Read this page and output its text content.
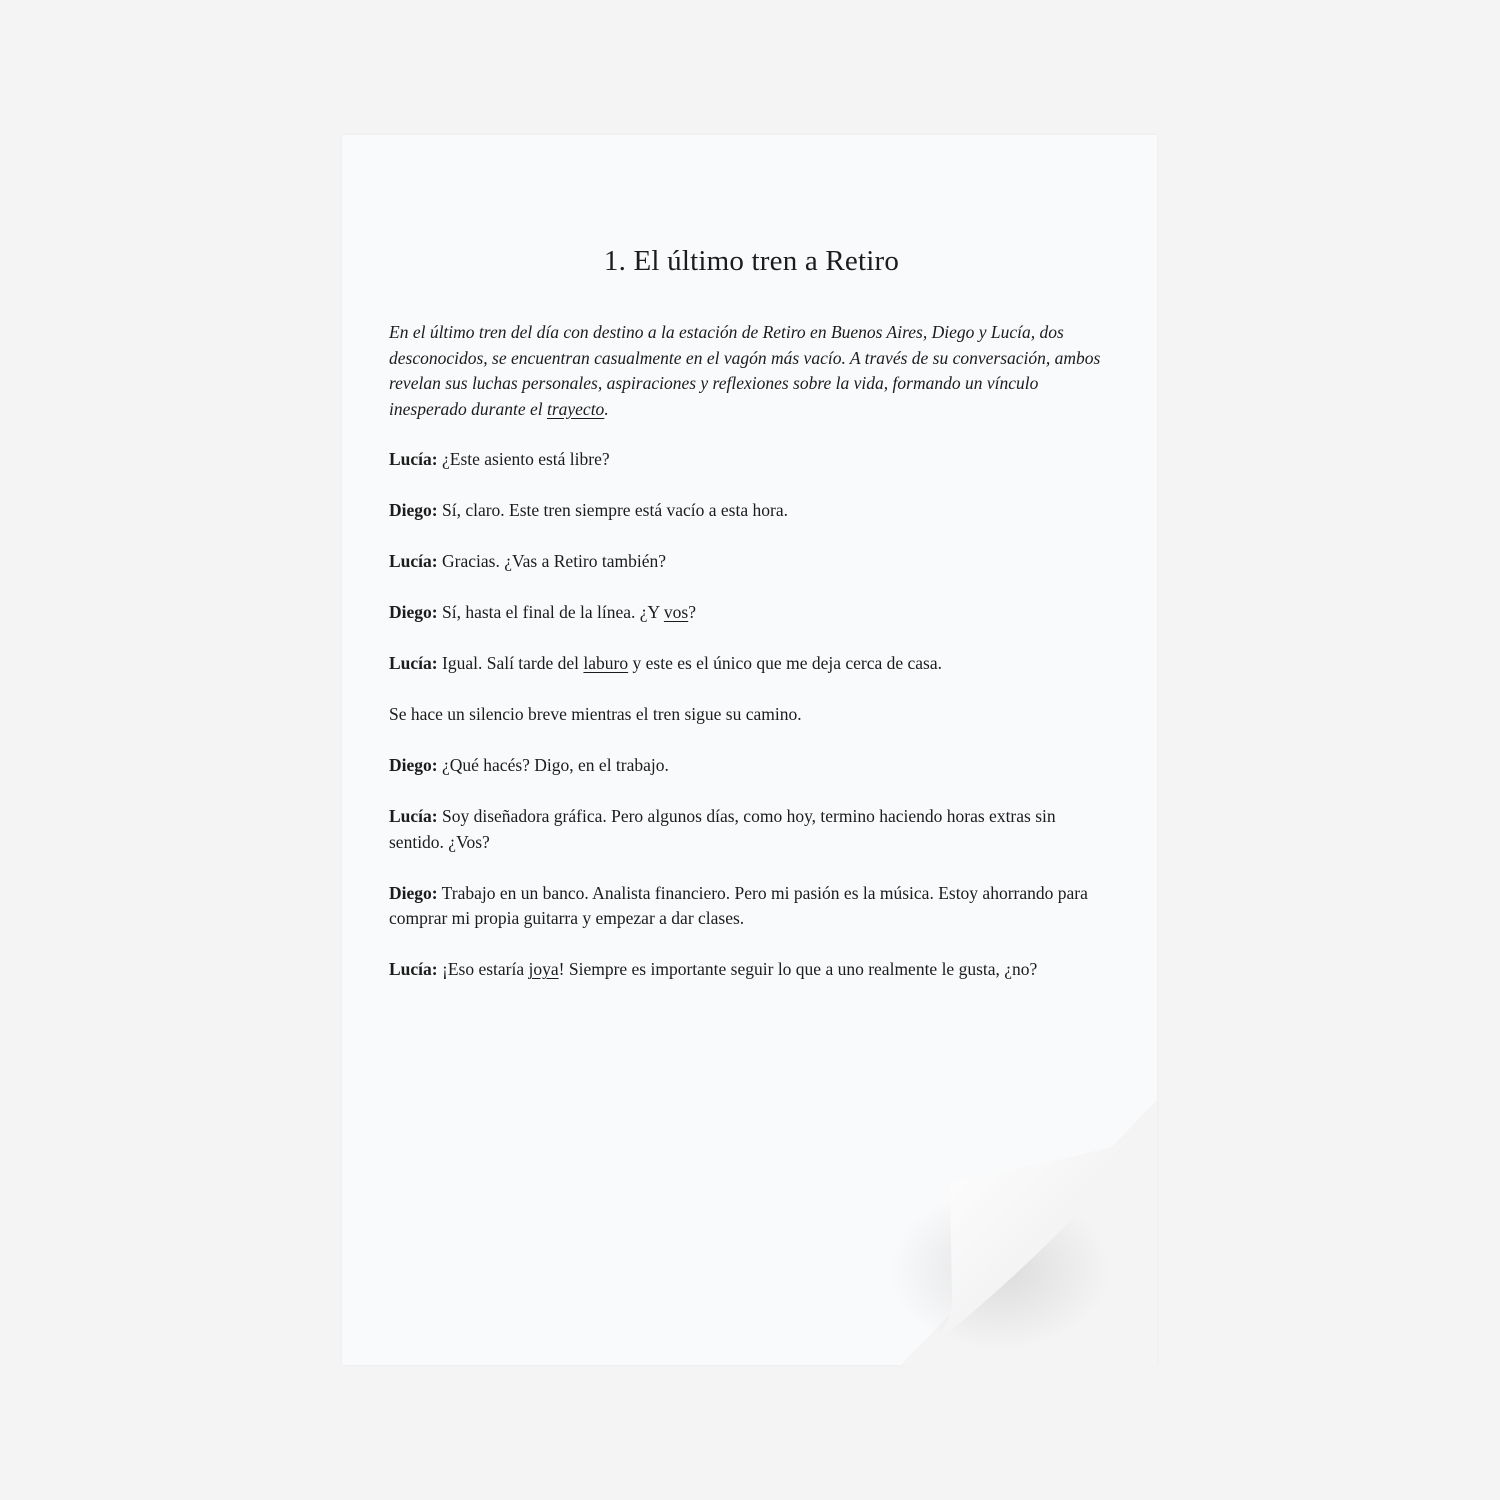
1. El último tren a Retiro

En el último tren del día con destino a la estación de Retiro en Buenos Aires, Diego y Lucía, dos desconocidos, se encuentran casualmente en el vagón más vacío. A través de su conversación, ambos revelan sus luchas personales, aspiraciones y reflexiones sobre la vida, formando un vínculo inesperado durante el trayecto.

Lucía: ¿Este asiento está libre?

Diego: Sí, claro. Este tren siempre está vacío a esta hora.

Lucía: Gracias. ¿Vas a Retiro también?

Diego: Sí, hasta el final de la línea. ¿Y vos?

Lucía: Igual. Salí tarde del laburo y este es el único que me deja cerca de casa.

Se hace un silencio breve mientras el tren sigue su camino.

Diego: ¿Qué hacés? Digo, en el trabajo.

Lucía: Soy diseñadora gráfica. Pero algunos días, como hoy, termino haciendo horas extras sin sentido. ¿Vos?

Diego: Trabajo en un banco. Analista financiero. Pero mi pasión es la música. Estoy ahorrando para comprar mi propia guitarra y empezar a dar clases.

Lucía: ¡Eso estaría joya! Siempre es importante seguir lo que a uno realmente le gusta, ¿no?
